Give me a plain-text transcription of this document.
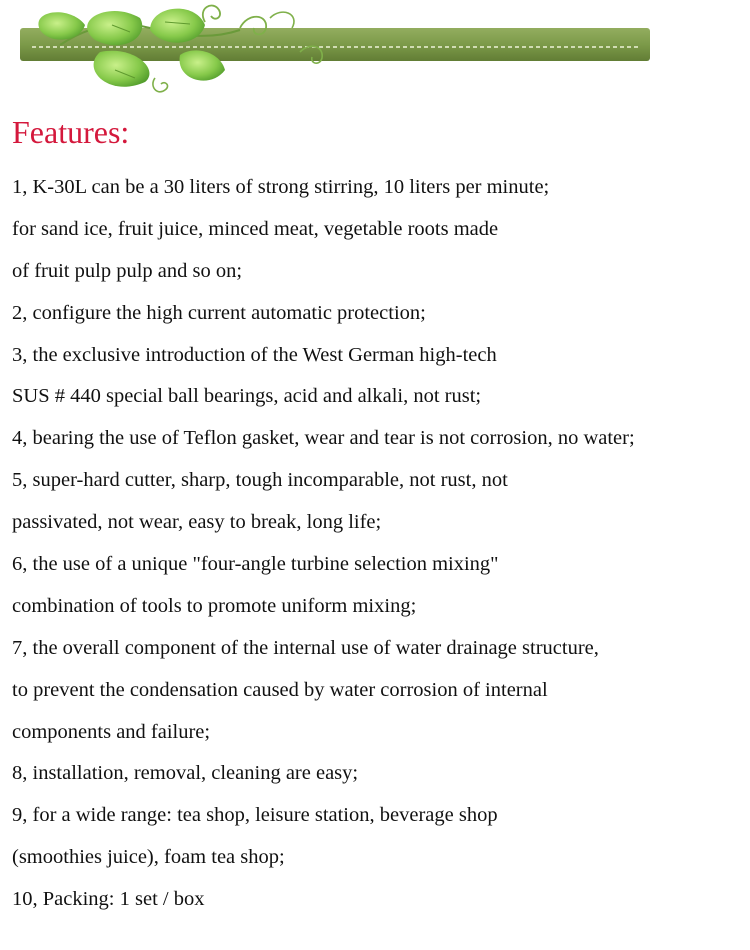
Features:
1, K-30L can be a 30 liters of strong stirring, 10 liters per minute;
for sand ice, fruit juice, minced meat, vegetable roots made
of fruit pulp pulp and so on;
2, configure the high current automatic protection;
3, the exclusive introduction of the West German high-tech
SUS # 440 special ball bearings, acid and alkali, not rust;
4, bearing the use of Teflon gasket, wear and tear is not corrosion, no water;
5, super-hard cutter, sharp, tough incomparable, not rust, not
passivated, not wear, easy to break, long life;
6, the use of a unique "four-angle turbine selection mixing"
combination of tools to promote uniform mixing;
7, the overall component of the internal use of water drainage structure,
to prevent the condensation caused by water corrosion of internal
components and failure;
8, installation, removal, cleaning are easy;
9, for a wide range: tea shop, leisure station, beverage shop
(smoothies juice), foam tea shop;
10, Packing: 1 set / box
